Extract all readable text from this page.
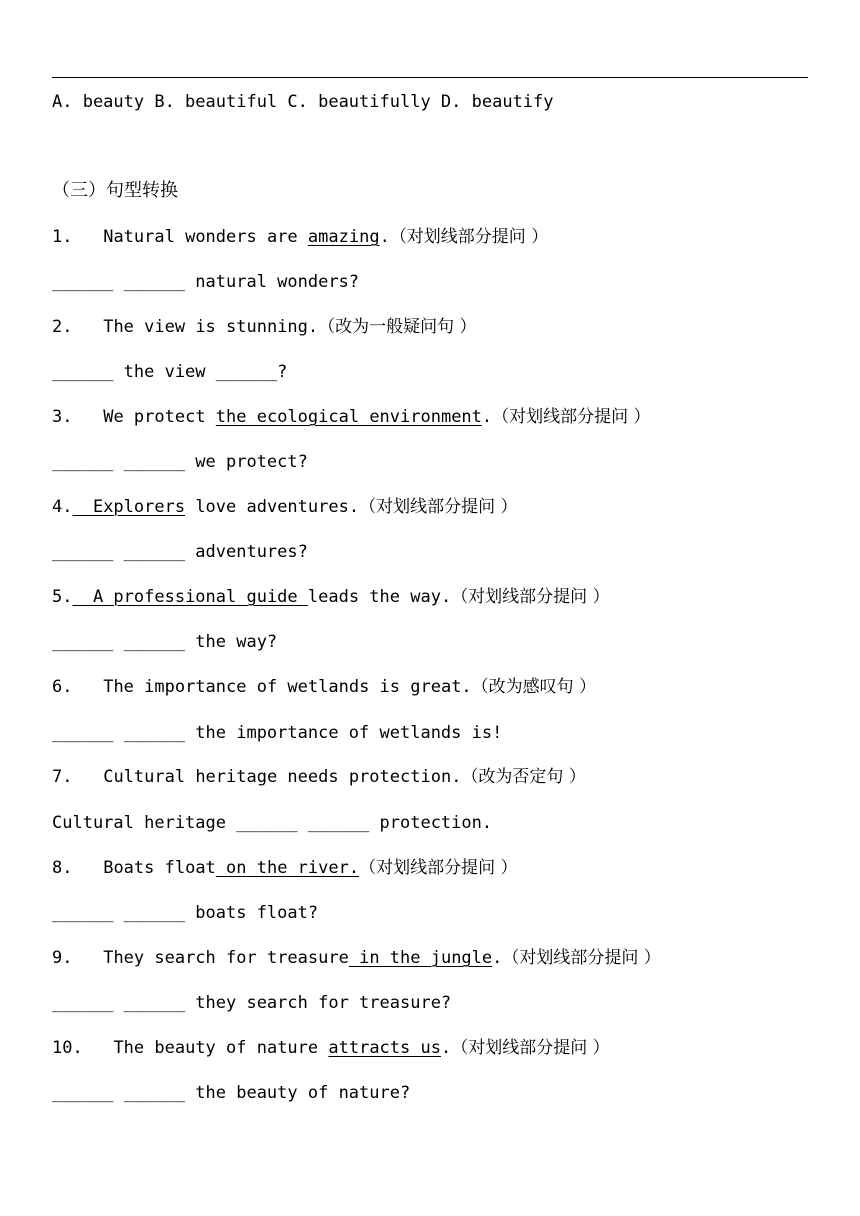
A. beauty B. beautiful C. beautifully D. beautify
（三）句型转换
1. Natural wonders are amazing.（对划线部分提问 ）
______ ______ natural wonders?
2. The view is stunning.（改为一般疑问句 ）
______ the view ______?
3. We protect the ecological environment.（对划线部分提问 ）
______ ______ we protect?
4.  Explorers love adventures.（对划线部分提问 ）
______ ______ adventures?
5.  A professional guide leads the way.（对划线部分提问 ）
______ ______ the way?
6. The importance of wetlands is great.（改为感叹句 ）
______ ______ the importance of wetlands is!
7. Cultural heritage needs protection.（改为否定句 ）
Cultural heritage ______ ______ protection.
8. Boats float on the river.（对划线部分提问 ）
______ ______ boats float?
9. They search for treasure in the jungle.（对划线部分提问 ）
______ ______ they search for treasure?
10. The beauty of nature attracts us.（对划线部分提问 ）
______ ______ the beauty of nature?
